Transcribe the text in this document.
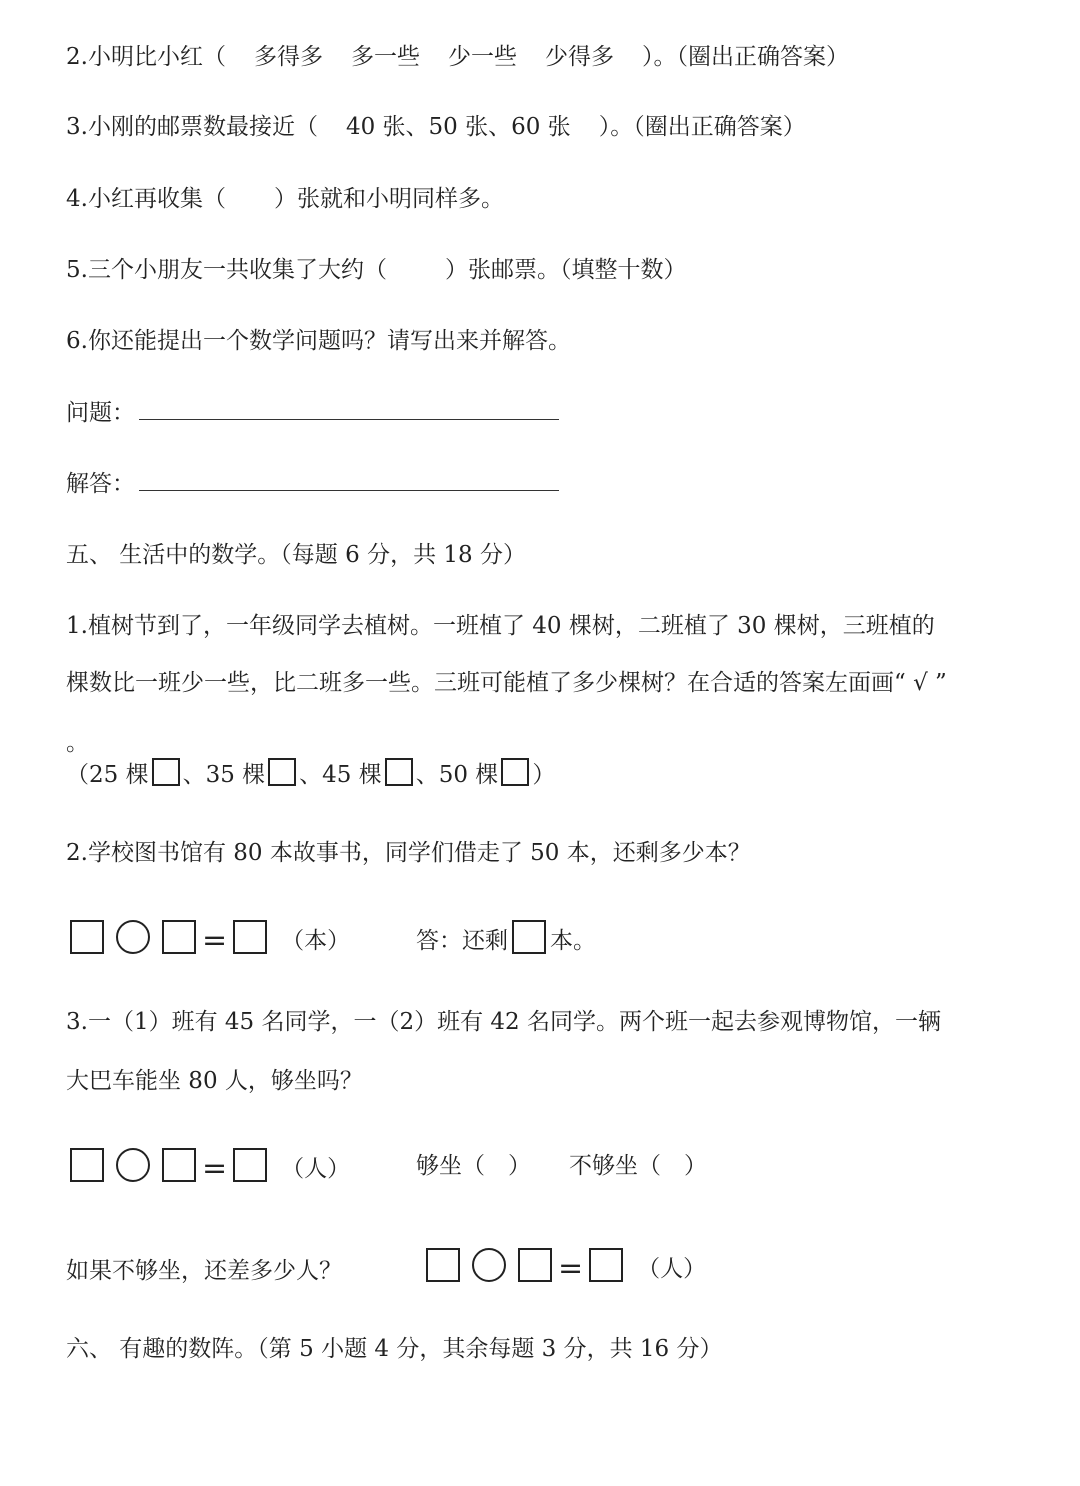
2.小明比小红（ 多得多 多一些 少一些 少得多 ）。（圈出正确答案）
3.小刚的邮票数最接近（ 40 张、50 张、60 张 ）。（圈出正确答案）
4.小红再收集（ ）张就和小明同样多。
5.三个小朋友一共收集了大约（	）张邮票。（填整十数）
6.你还能提出一个数学问题吗？请写出来并解答。
问题：
解答：
五、 生活中的数学。（每题 6 分，共 18 分）
1.植树节到了，一年级同学去植树。一班植了 40 棵树，二班植了 30 棵树，三班植的
棵数比一班少一些，比二班多一些。三班可能植了多少棵树？在合适的答案左面画“ √ ”
。
（25 棵 、35 棵 、45 棵 、50 棵 ）
2.学校图书馆有 80 本故事书，同学们借走了 50 本，还剩多少本？
= （本）	答：还剩 本。
3.一（1）班有 45 名同学，一（2）班有 42 名同学。两个班一起去参观博物馆，一辆
大巴车能坐 80 人，够坐吗？
= （人）	够坐（　） 不够坐（　）
如果不够坐，还差多少人？	= （人）
六、 有趣的数阵。（第 5 小题 4 分，其余每题 3 分，共 16 分）
